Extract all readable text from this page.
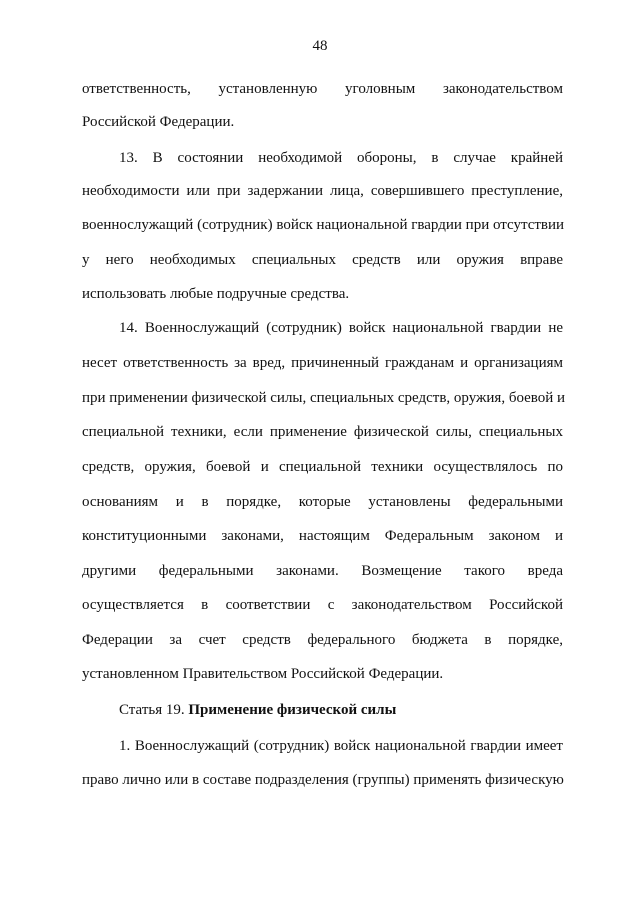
48
ответственность, установленную уголовным законодательством
Российской Федерации.
13. В состоянии необходимой обороны, в случае крайней
необходимости или при задержании лица, совершившего преступление,
военнослужащий (сотрудник) войск национальной гвардии при отсутствии
у него необходимых специальных средств или оружия вправе
использовать любые подручные средства.
14. Военнослужащий (сотрудник) войск национальной гвардии не
несет ответственность за вред, причиненный гражданам и организациям
при применении физической силы, специальных средств, оружия, боевой и
специальной техники, если применение физической силы, специальных
средств, оружия, боевой и специальной техники осуществлялось по
основаниям и в порядке, которые установлены федеральными
конституционными законами, настоящим Федеральным законом и
другими федеральными законами. Возмещение такого вреда
осуществляется в соответствии с законодательством Российской
Федерации за счет средств федерального бюджета в порядке,
установленном Правительством Российской Федерации.
Статья 19. Применение физической силы
1. Военнослужащий (сотрудник) войск национальной гвардии имеет
право лично или в составе подразделения (группы) применять физическую
